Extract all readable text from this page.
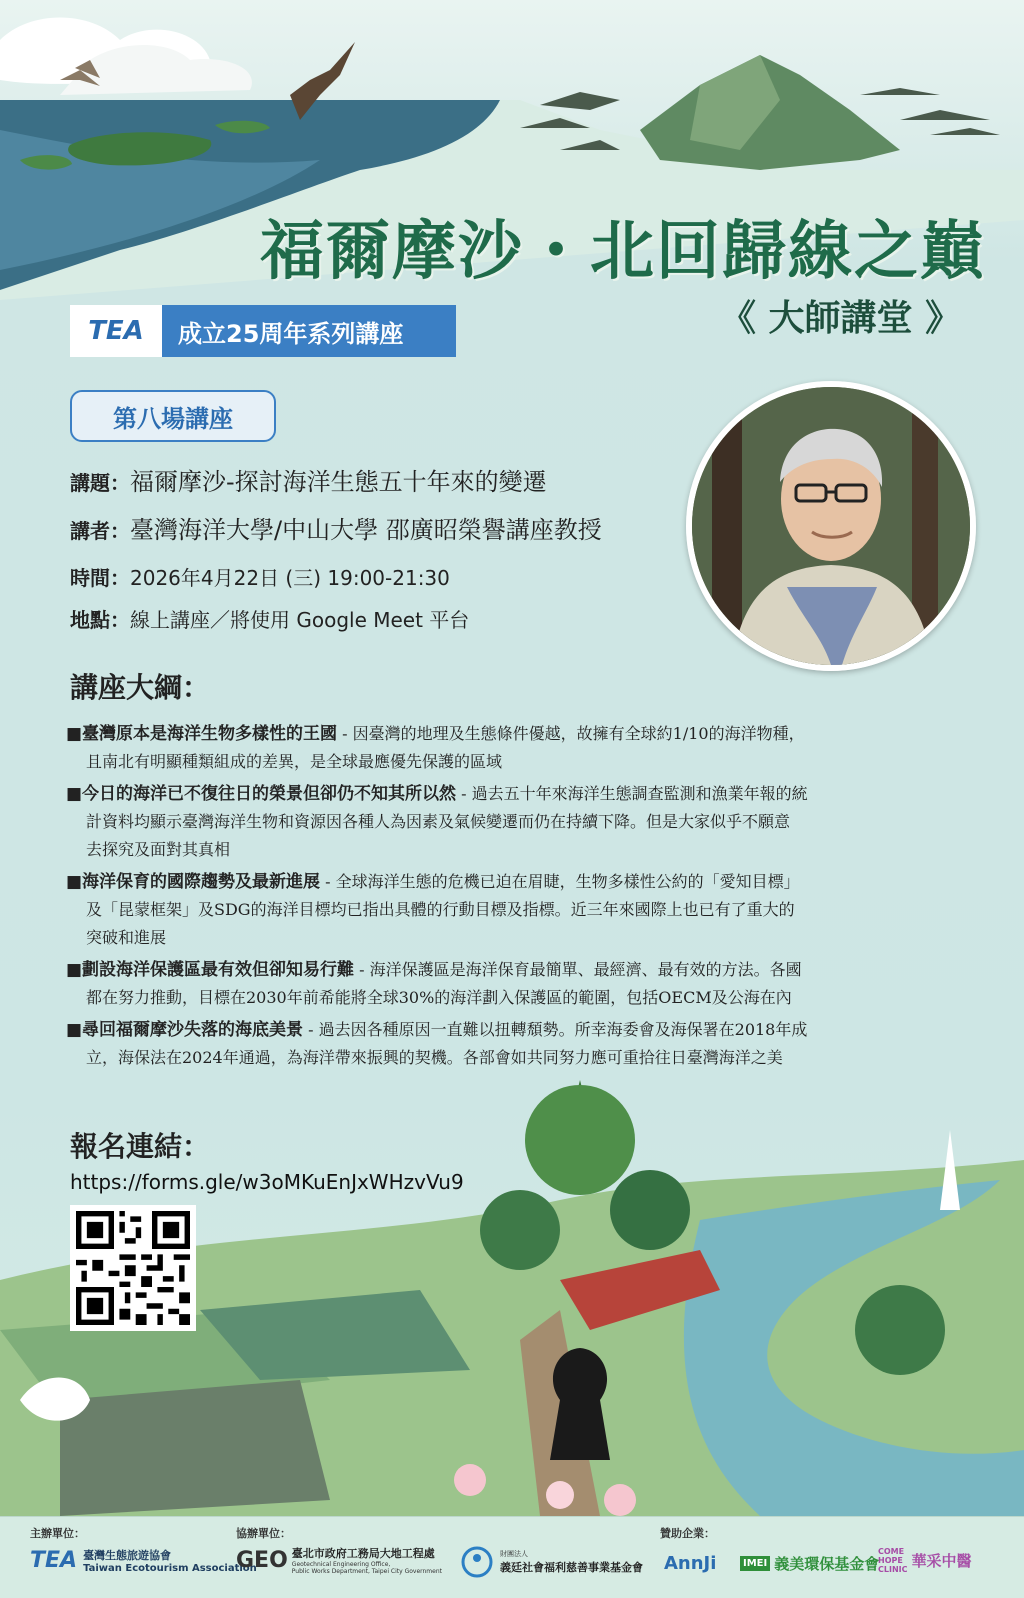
福爾摩沙・北回歸線之巔
《 大師講堂 》
TEA	成立25周年系列講座
第八場講座
講題：福爾摩沙-探討海洋生態五十年來的變遷
講者：臺灣海洋大學/中山大學 邵廣昭榮譽講座教授
時間：2026年4月22日 (三) 19:00-21:30
地點：線上講座／將使用 Google Meet 平台
講座大綱：
■臺灣原本是海洋生物多樣性的王國 - 因臺灣的地理及生態條件優越，故擁有全球約1/10的海洋物種，
且南北有明顯種類組成的差異，是全球最應優先保護的區域
■今日的海洋已不復往日的榮景但卻仍不知其所以然 - 過去五十年來海洋生態調查監測和漁業年報的統
計資料均顯示臺灣海洋生物和資源因各種人為因素及氣候變遷而仍在持續下降。但是大家似乎不願意
去探究及面對其真相
■海洋保育的國際趨勢及最新進展 - 全球海洋生態的危機已迫在眉睫，生物多樣性公約的「愛知目標」
及「昆蒙框架」及SDG的海洋目標均已指出具體的行動目標及指標。近三年來國際上也已有了重大的
突破和進展
■劃設海洋保護區最有效但卻知易行難 - 海洋保護區是海洋保育最簡單、最經濟、最有效的方法。各國
都在努力推動，目標在2030年前希能將全球30%的海洋劃入保護區的範圍，包括OECM及公海在內
■尋回福爾摩沙失落的海底美景 - 過去因各種原因一直難以扭轉頹勢。所幸海委會及海保署在2018年成
立，海保法在2024年通過，為海洋帶來振興的契機。各部會如共同努力應可重拾往日臺灣海洋之美
報名連結：
https://forms.gle/w3oMKuEnJxWHzvVu9
主辦單位：
TEA 臺灣生態旅遊協會
Taiwan Ecotourism Association
協辦單位：
GEO 臺北市政府工務局大地工程處
Geotechnical Engineering Office,
Public Works Department, Taipei City Government
財團法人
義廷社會福利慈善事業基金會
贊助企業：
AnnJi	IMEI 義美環保基金會
COME
HOPE
CLINIC 華采中醫
